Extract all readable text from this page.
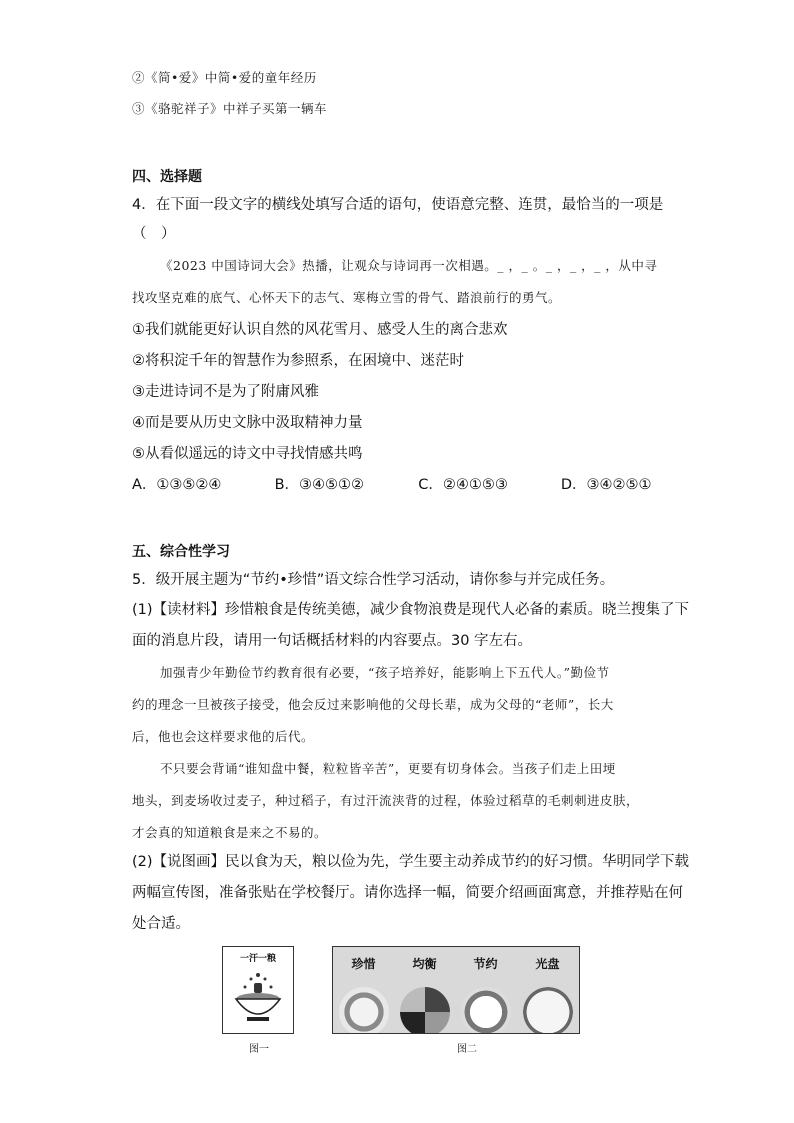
②《简•爱》中简•爱的童年经历
③《骆驼祥子》中祥子买第一辆车
四、选择题
4．在下面一段文字的横线处填写合适的语句，使语意完整、连贯，最恰当的一项是
（　）
《2023 中国诗词大会》热播，让观众与诗词再一次相遇。_ ，_ 。_ ，_ ，_ ，从中寻
找攻坚克难的底气、心怀天下的志气、寒梅立雪的骨气、踏浪前行的勇气。
①我们就能更好认识自然的风花雪月、感受人生的离合悲欢
②将积淀千年的智慧作为参照系，在困境中、迷茫时
③走进诗词不是为了附庸风雅
④而是要从历史文脉中汲取精神力量
⑤从看似遥远的诗文中寻找情感共鸣
A．①③⑤②④	B．③④⑤①②	C．②④①⑤③	D．③④②⑤①
五、综合性学习
5．级开展主题为“节约•珍惜”语文综合性学习活动，请你参与并完成任务。
(1)【读材料】珍惜粮食是传统美德，减少食物浪费是现代人必备的素质。晓兰搜集了下
面的消息片段，请用一句话概括材料的内容要点。30 字左右。
加强青少年勤俭节约教育很有必要，“孩子培养好，能影响上下五代人。”勤俭节
约的理念一旦被孩子接受，他会反过来影响他的父母长辈，成为父母的“老师”，长大
后，他也会这样要求他的后代。
不只要会背诵“谁知盘中餐，粒粒皆辛苦”，更要有切身体会。当孩子们走上田埂
地头，到麦场收过麦子，种过稻子，有过汗流浃背的过程，体验过稻草的毛刺刺进皮肤，
才会真的知道粮食是来之不易的。
(2)【说图画】民以食为天，粮以俭为先，学生要主动养成节约的好习惯。华明同学下载
两幅宣传图，准备张贴在学校餐厅。请你选择一幅，简要介绍画面寓意，并推荐贴在何
处合适。
一汗一粮
图一
珍惜	均衡	节约	光盘
图二
